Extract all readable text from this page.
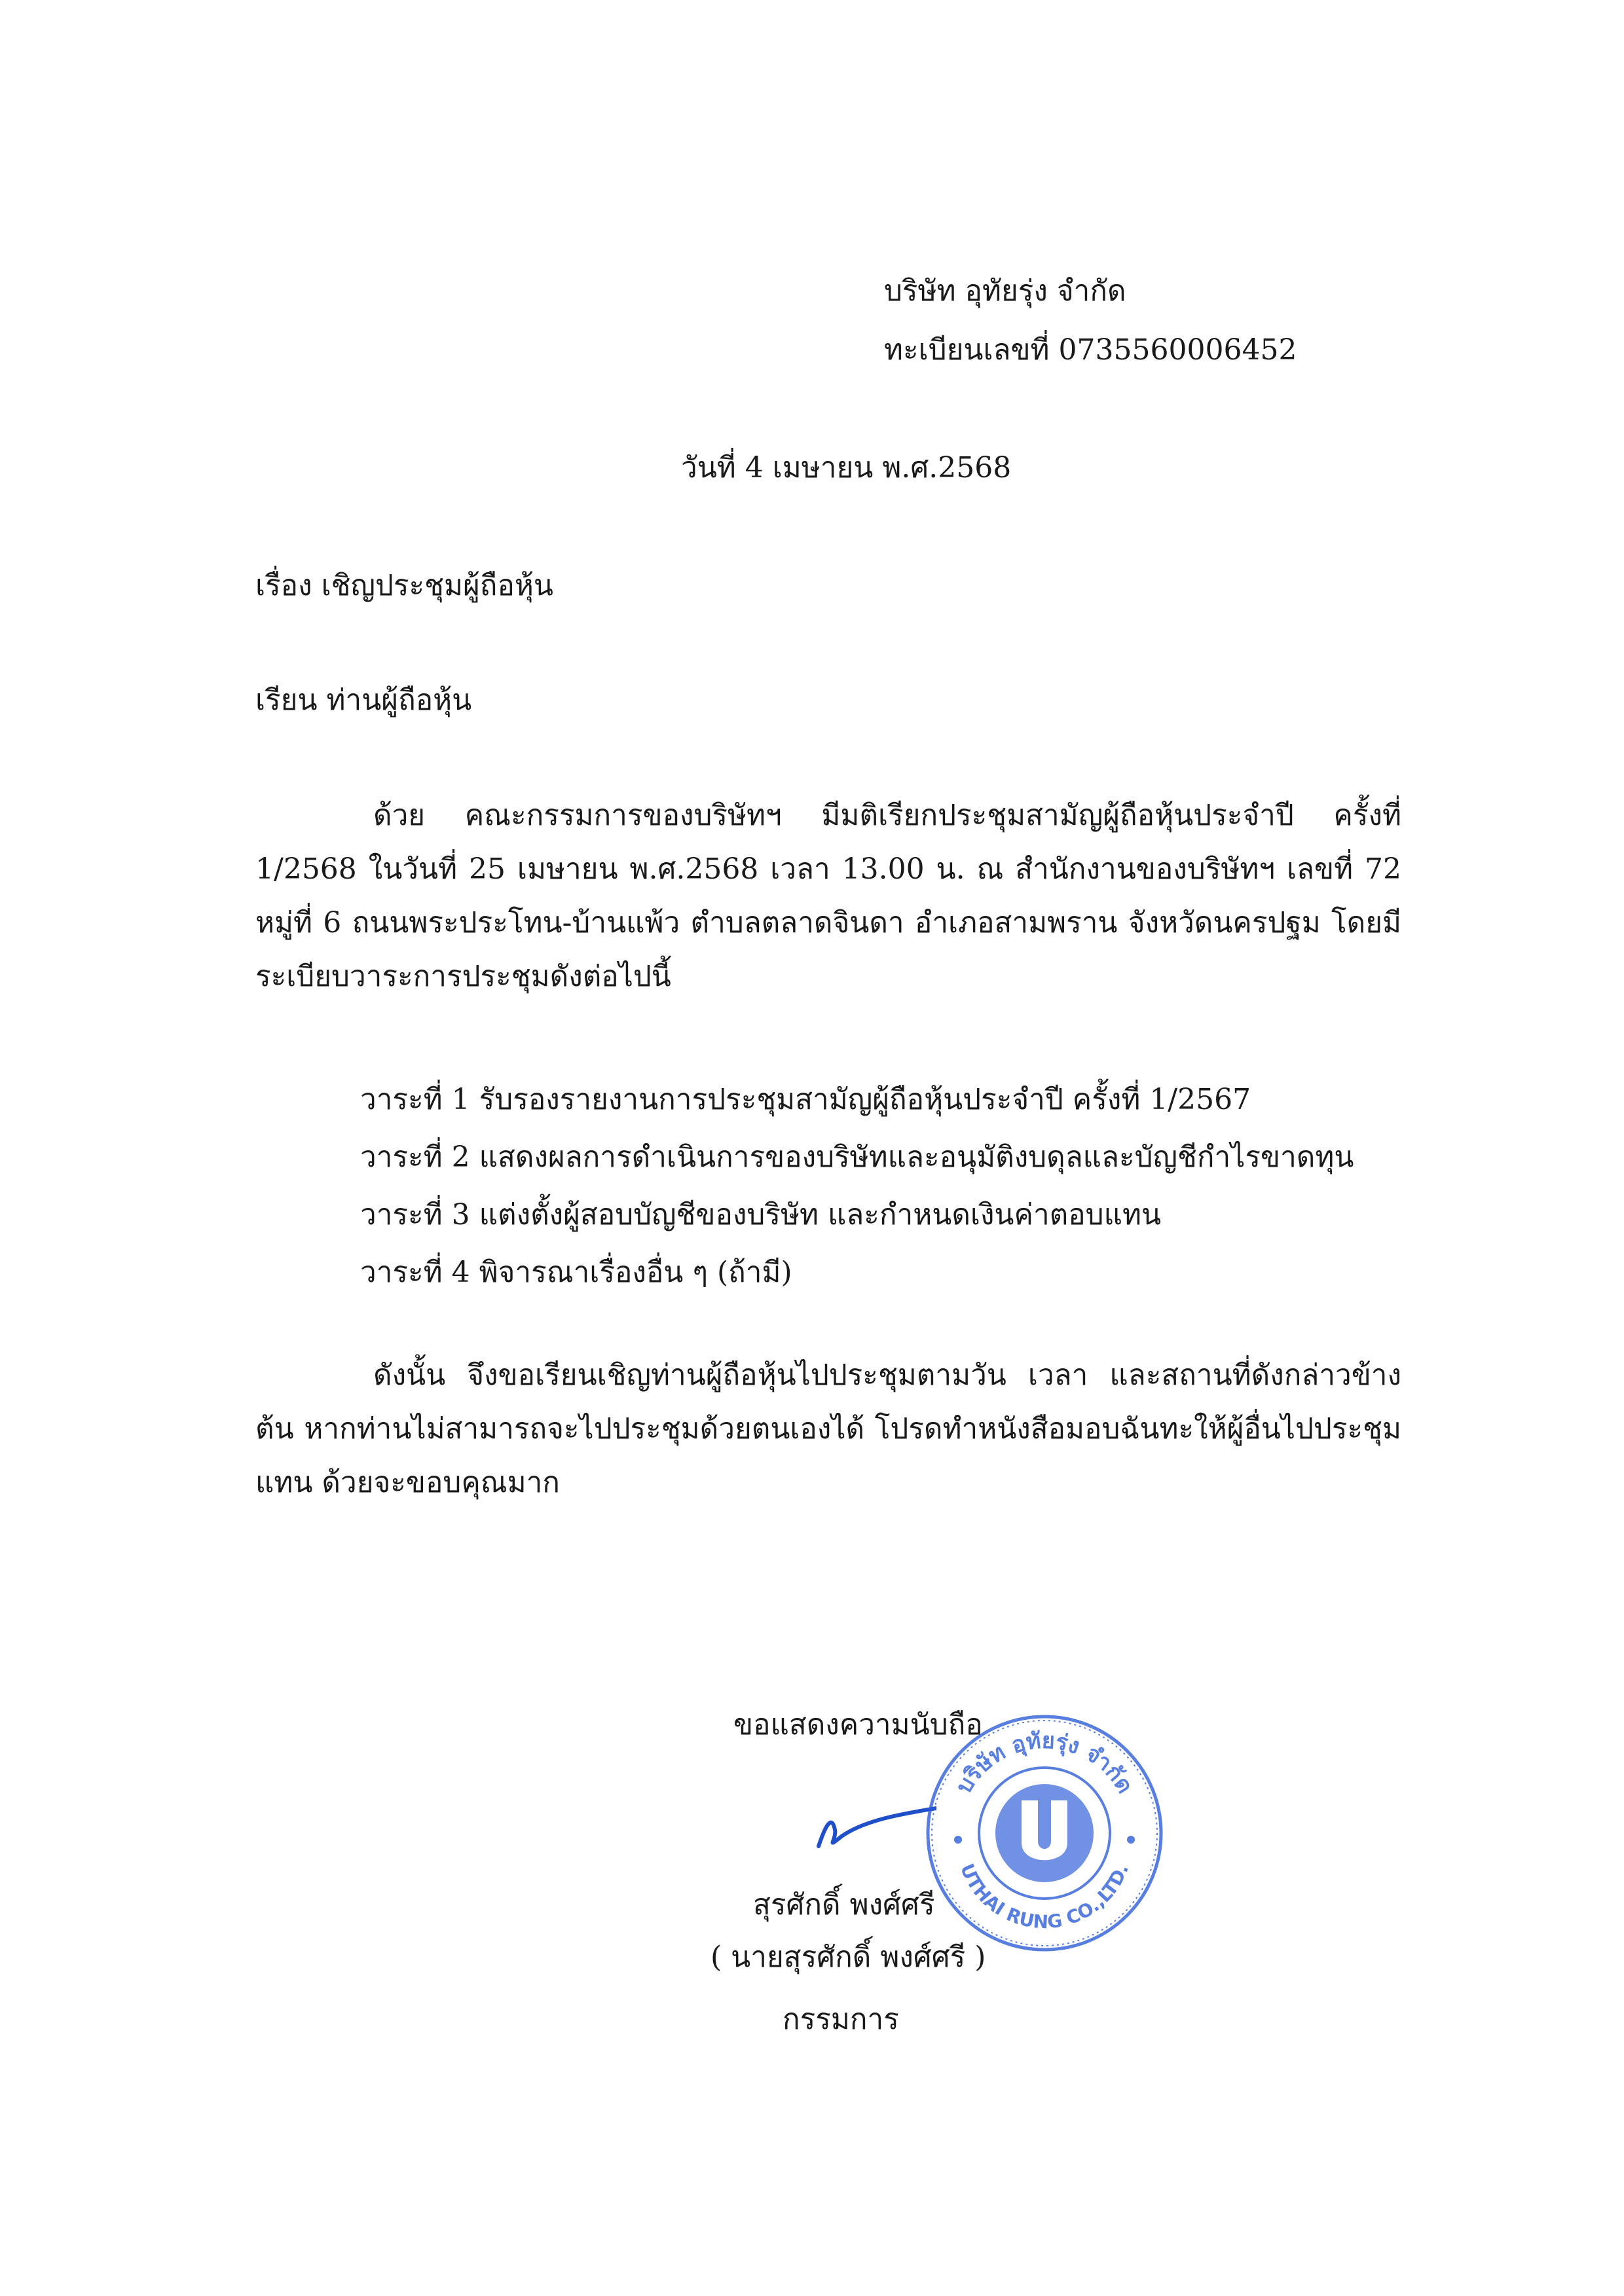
บริษัท อุทัยรุ่ง จำกัด
ทะเบียนเลขที่ 0735560006452
วันที่ 4 เมษายน พ.ศ.2568
เรื่อง เชิญประชุมผู้ถือหุ้น
เรียน ท่านผู้ถือหุ้น
ด้วย คณะกรรมการของบริษัทฯ มีมติเรียกประชุมสามัญผู้ถือหุ้นประจำปี ครั้งที่ 1/2568 ในวันที่ 25 เมษายน พ.ศ.2568 เวลา 13.00 น. ณ สำนักงานของบริษัทฯ เลขที่ 72 หมู่ที่ 6 ถนนพระประโทน-บ้านแพ้ว ตำบลตลาดจินดา อำเภอสามพราน จังหวัดนครปฐม โดยมีระเบียบวาระการประชุมดังต่อไปนี้
วาระที่ 1 รับรองรายงานการประชุมสามัญผู้ถือหุ้นประจำปี ครั้งที่ 1/2567
วาระที่ 2 แสดงผลการดำเนินการของบริษัทและอนุมัติงบดุลและบัญชีกำไรขาดทุน
วาระที่ 3 แต่งตั้งผู้สอบบัญชีของบริษัท และกำหนดเงินค่าตอบแทน
วาระที่ 4 พิจารณาเรื่องอื่น ๆ (ถ้ามี)
ดังนั้น จึงขอเรียนเชิญท่านผู้ถือหุ้นไปประชุมตามวัน เวลา และสถานที่ดังกล่าวข้างต้น หากท่านไม่สามารถจะไปประชุมด้วยตนเองได้ โปรดทำหนังสือมอบฉันทะให้ผู้อื่นไปประชุมแทน ด้วยจะขอบคุณมาก
ขอแสดงความนับถือ
สุรศักดิ์ พงศ์ศรี
( นายสุรศักดิ์ พงศ์ศรี )
กรรมการ
บริษัท อุทัยรุ่ง จำกัด
UTHAI RUNG CO.,LTD.
